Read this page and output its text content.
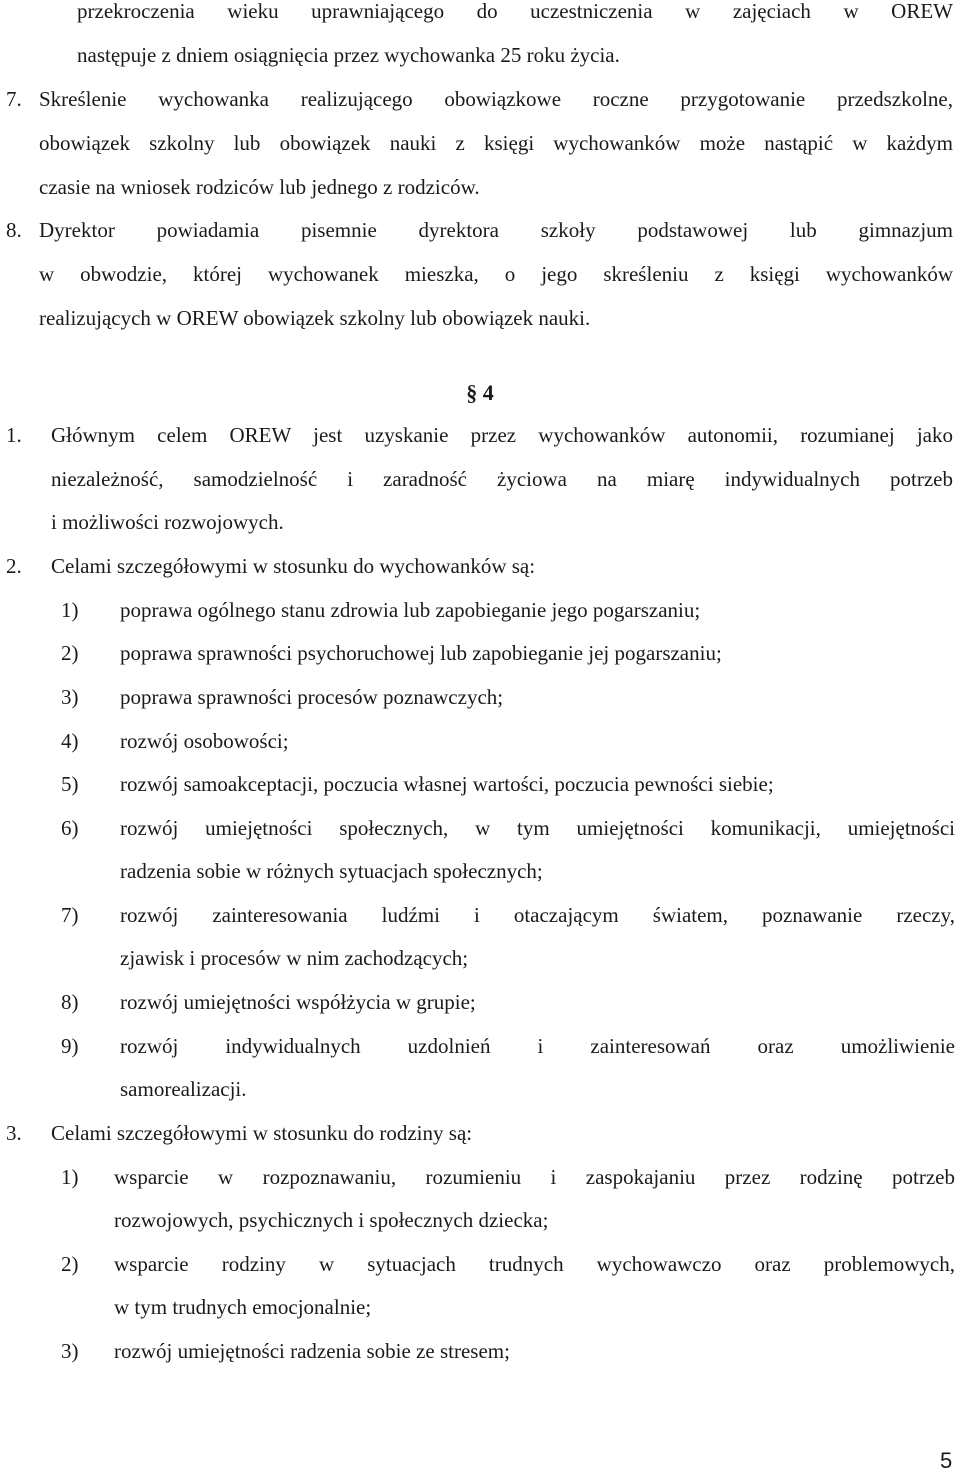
przekroczenia wieku uprawniającego do uczestniczenia w zajęciach w OREW
następuje z dniem osiągnięcia przez wychowanka 25 roku życia.
7. Skreślenie wychowanka realizującego obowiązkowe roczne przygotowanie przedszkolne,
obowiązek szkolny lub obowiązek nauki z księgi wychowanków może nastąpić w każdym
czasie na wniosek rodziców lub jednego z rodziców.
8. Dyrektor powiadamia pisemnie dyrektora szkoły podstawowej lub gimnazjum
w obwodzie, której wychowanek mieszka, o jego skreśleniu z księgi wychowanków
realizujących w OREW obowiązek szkolny lub obowiązek nauki.
§ 4
1. Głównym celem OREW jest uzyskanie przez wychowanków autonomii, rozumianej jako
niezależność, samodzielność i zaradność życiowa na miarę indywidualnych potrzeb
i możliwości rozwojowych.
2. Celami szczegółowymi w stosunku do wychowanków są:
1) poprawa ogólnego stanu zdrowia lub zapobieganie jego pogarszaniu;
2) poprawa sprawności psychoruchowej lub zapobieganie jej pogarszaniu;
3) poprawa sprawności procesów poznawczych;
4) rozwój osobowości;
5) rozwój samoakceptacji, poczucia własnej wartości, poczucia pewności siebie;
6) rozwój umiejętności społecznych, w tym umiejętności komunikacji, umiejętności
radzenia sobie w różnych sytuacjach społecznych;
7) rozwój zainteresowania ludźmi i otaczającym światem, poznawanie rzeczy,
zjawisk i procesów w nim zachodzących;
8) rozwój umiejętności współżycia w grupie;
9) rozwój indywidualnych uzdolnień i zainteresowań oraz umożliwienie
samorealizacji.
3. Celami szczegółowymi w stosunku do rodziny są:
1) wsparcie w rozpoznawaniu, rozumieniu i zaspokajaniu przez rodzinę potrzeb
rozwojowych, psychicznych i społecznych dziecka;
2) wsparcie rodziny w sytuacjach trudnych wychowawczo oraz problemowych,
w tym trudnych emocjonalnie;
3) rozwój umiejętności radzenia sobie ze stresem;
5
